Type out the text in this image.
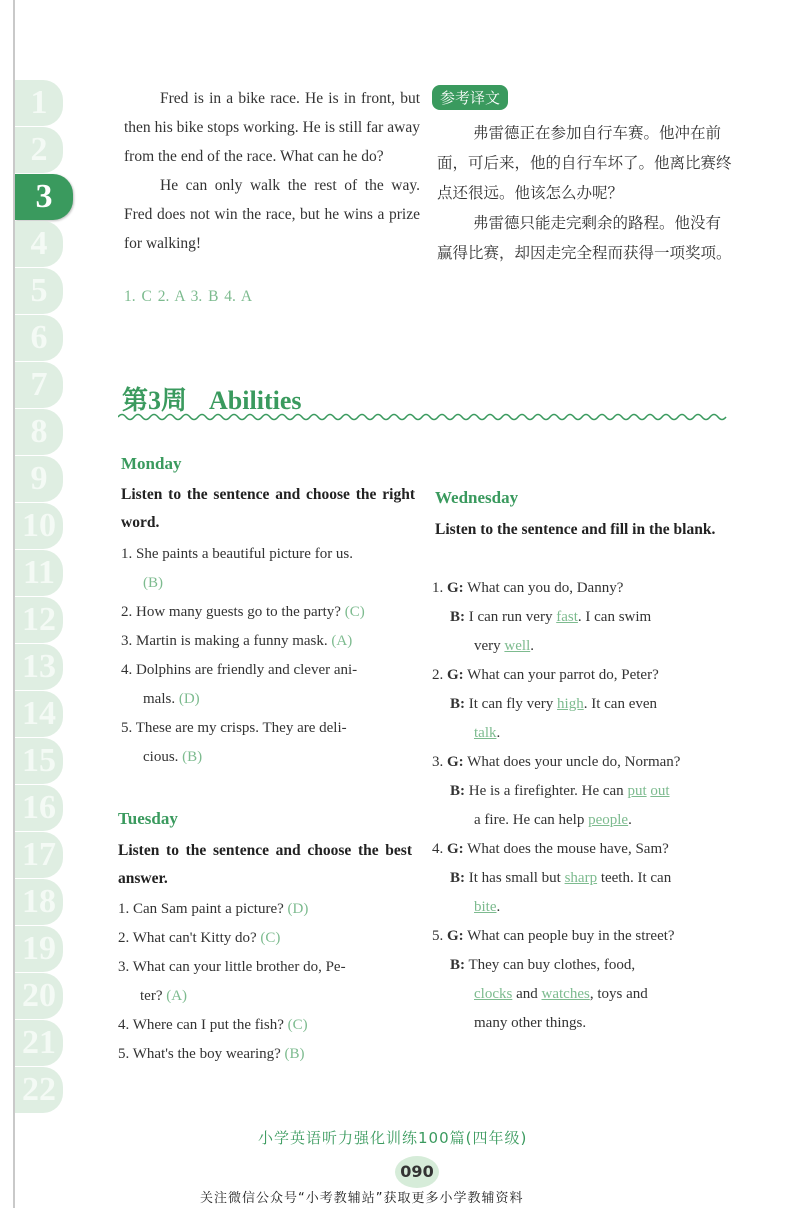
1
2
3
4
5
6
7
8
9
10
11
12
13
14
15
16
17
18
19
20
21
22

Fred is in a bike race. He is in front, but then his bike stops working. He is still far away from the end of the race. What can he do?

He can only walk the rest of the way. Fred does not win the race, but he wins a prize for walking!

1. C 2. A 3. B 4. A
参考译文

弗雷德正在参加自行车赛。他冲在前面，可后来，他的自行车坏了。他离比赛终点还很远。他该怎么办呢？

弗雷德只能走完剩余的路程。他没有赢得比赛，却因走完全程而获得一项奖项。

第3周 Abilities
Monday
Listen to the sentence and choose the right word.
1. She paints a beautiful picture for us.
(B)
2. How many guests go to the party? (C)
3. Martin is making a funny mask. (A)
4. Dolphins are friendly and clever ani-
mals. (D)
5. These are my crisps. They are deli-
cious. (B)
Tuesday
Listen to the sentence and choose the best answer.
1. Can Sam paint a picture? (D)
2. What can't Kitty do? (C)
3. What can your little brother do, Pe-
ter? (A)
4. Where can I put the fish? (C)
5. What's the boy wearing? (B)
Wednesday
Listen to the sentence and fill in the blank.
1. G: What can you do, Danny?
B: I can run very fast. I can swim
very well.
2. G: What can your parrot do, Peter?
B: It can fly very high. It can even
talk.
3. G: What does your uncle do, Norman?
B: He is a firefighter. He can put out
a fire. He can help people.
4. G: What does the mouse have, Sam?
B: It has small but sharp teeth. It can
bite.
5. G: What can people buy in the street?
B: They can buy clothes, food,
clocks and watches, toys and
many other things.
小学英语听力强化训练100篇(四年级)
090
关注微信公众号“小考教辅站”获取更多小学教辅资料
